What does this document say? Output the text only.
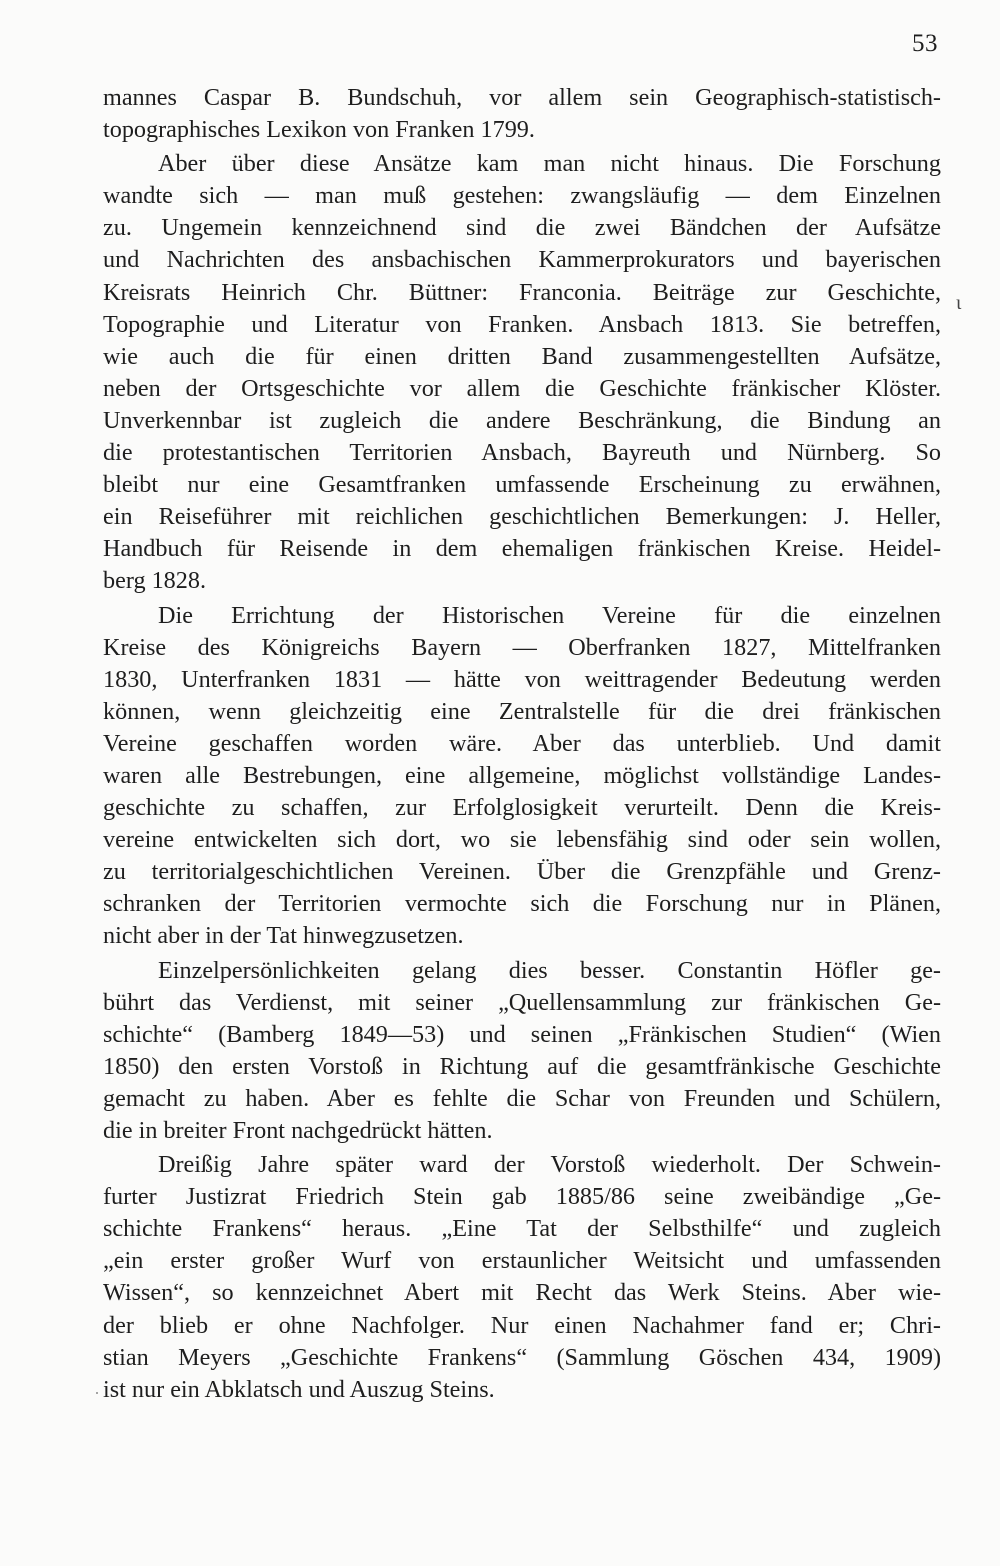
53
ι
mannes Caspar B. Bundschuh, vor allem sein Geographisch-statistisch-
topographisches Lexikon von Franken 1799.
Aber über diese Ansätze kam man nicht hinaus. Die Forschung
wandte sich — man muß gestehen: zwangsläufig — dem Einzelnen
zu. Ungemein kennzeichnend sind die zwei Bändchen der Aufsätze
und Nachrichten des ansbachischen Kammerprokurators und bayerischen
Kreisrats Heinrich Chr. Büttner: Franconia. Beiträge zur Geschichte,
Topographie und Literatur von Franken. Ansbach 1813. Sie betreffen,
wie auch die für einen dritten Band zusammengestellten Aufsätze,
neben der Ortsgeschichte vor allem die Geschichte fränkischer Klöster.
Unverkennbar ist zugleich die andere Beschränkung, die Bindung an
die protestantischen Territorien Ansbach, Bayreuth und Nürnberg. So
bleibt nur eine Gesamtfranken umfassende Erscheinung zu erwähnen,
ein Reiseführer mit reichlichen geschichtlichen Bemerkungen: J. Heller,
Handbuch für Reisende in dem ehemaligen fränkischen Kreise. Heidel-
berg 1828.
Die Errichtung der Historischen Vereine für die einzelnen
Kreise des Königreichs Bayern — Oberfranken 1827, Mittelfranken
1830, Unterfranken 1831 — hätte von weittragender Bedeutung werden
können, wenn gleichzeitig eine Zentralstelle für die drei fränkischen
Vereine geschaffen worden wäre. Aber das unterblieb. Und damit
waren alle Bestrebungen, eine allgemeine, möglichst vollständige Landes-
geschichte zu schaffen, zur Erfolglosigkeit verurteilt. Denn die Kreis-
vereine entwickelten sich dort, wo sie lebensfähig sind oder sein wollen,
zu territorialgeschichtlichen Vereinen. Über die Grenzpfähle und Grenz-
schranken der Territorien vermochte sich die Forschung nur in Plänen,
nicht aber in der Tat hinwegzusetzen.
Einzelpersönlichkeiten gelang dies besser. Constantin Höfler ge-
bührt das Verdienst, mit seiner „Quellensammlung zur fränkischen Ge-
schichte“ (Bamberg 1849—53) und seinen „Fränkischen Studien“ (Wien
1850) den ersten Vorstoß in Richtung auf die gesamtfränkische Geschichte
gemacht zu haben. Aber es fehlte die Schar von Freunden und Schülern,
die in breiter Front nachgedrückt hätten.
Dreißig Jahre später ward der Vorstoß wiederholt. Der Schwein-
furter Justizrat Friedrich Stein gab 1885/86 seine zweibändige „Ge-
schichte Frankens“ heraus. „Eine Tat der Selbsthilfe“ und zugleich
„ein erster großer Wurf von erstaunlicher Weitsicht und umfassenden
Wissen“, so kennzeichnet Abert mit Recht das Werk Steins. Aber wie-
der blieb er ohne Nachfolger. Nur einen Nachahmer fand er; Chri-
stian Meyers „Geschichte Frankens“ (Sammlung Göschen 434, 1909)
ist nur ein Abklatsch und Auszug Steins.
